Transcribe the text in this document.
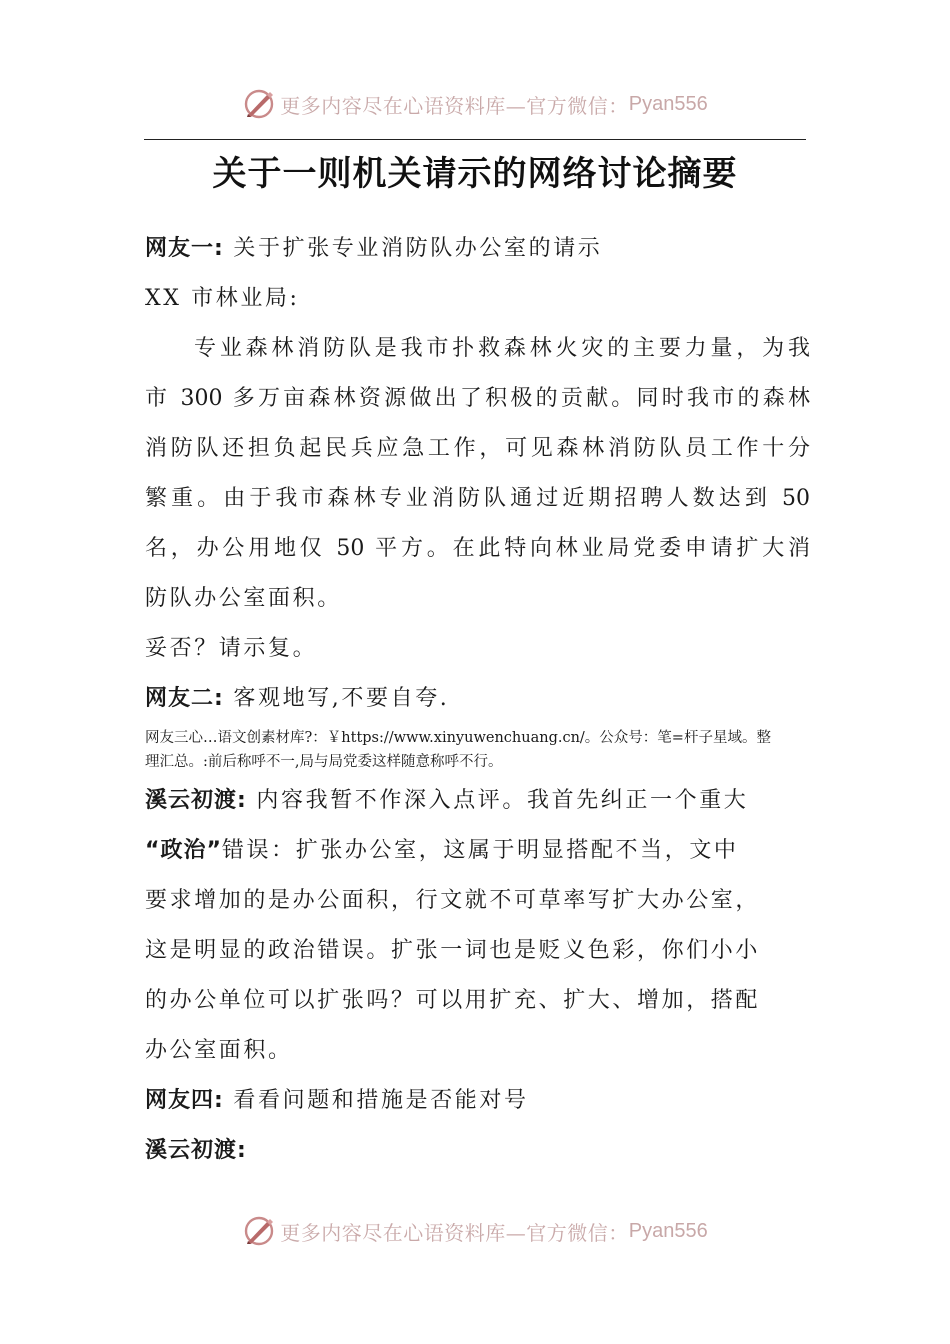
更多内容尽在心语资料库—官方微信： Pyan556
关于一则机关请示的网络讨论摘要
网友一: 关于扩张专业消防队办公室的请示
XX 市林业局:
专业森林消防队是我市扑救森林火灾的主要力量，为我
市 300 多万亩森林资源做出了积极的贡献。同时我市的森林
消防队还担负起民兵应急工作，可见森林消防队员工作十分
繁重。由于我市森林专业消防队通过近期招聘人数达到 50
名，办公用地仅 50 平方。在此特向林业局党委申请扩大消
防队办公室面积。
妥否？请示复。
网友二: 客观地写,不要自夸.
网友三心…语文创素材库?：￥https://www.xinyuwenchuang.cn/。公众号：笔=杆子星域。整
理汇总。:前后称呼不一,局与局党委这样随意称呼不行。
溪云初渡: 内容我暂不作深入点评。我首先纠正一个重大
“政治”错误：扩张办公室，这属于明显搭配不当，文中
要求增加的是办公面积，行文就不可草率写扩大办公室，
这是明显的政治错误。扩张一词也是贬义色彩，你们小小
的办公单位可以扩张吗？可以用扩充、扩大、增加，搭配
办公室面积。
网友四: 看看问题和措施是否能对号
溪云初渡:
更多内容尽在心语资料库—官方微信： Pyan556
